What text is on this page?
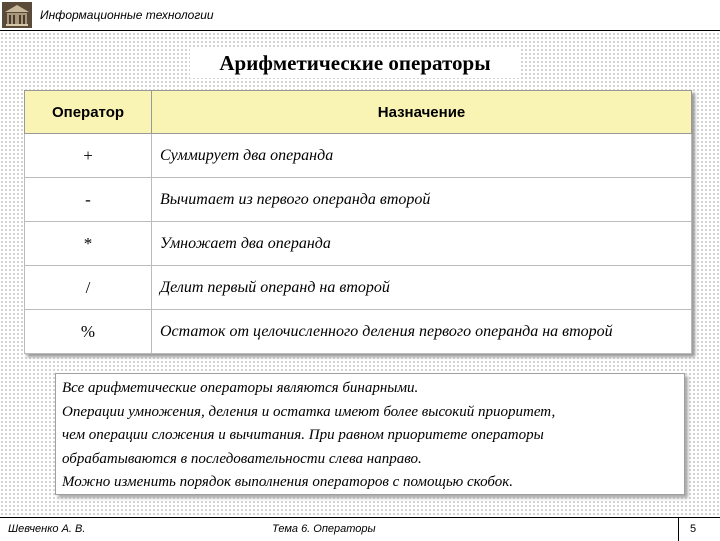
Информационные технологии
Арифметические операторы
Оператор	Назначение
+	Суммирует два операнда
-	Вычитает из первого операнда второй
*	Умножает два операнда
/	Делит первый операнд на второй
%	Остаток от целочисленного деления первого операнда на второй
Все арифметические операторы являются бинарными.
Операции умножения, деления и остатка имеют более высокий приоритет,
чем операции сложения и вычитания. При равном приоритете операторы
обрабатываются в последовательности слева направо.
Можно изменить порядок выполнения операторов с помощью скобок.
Шевченко А. В.	Тема 6. Операторы	5
